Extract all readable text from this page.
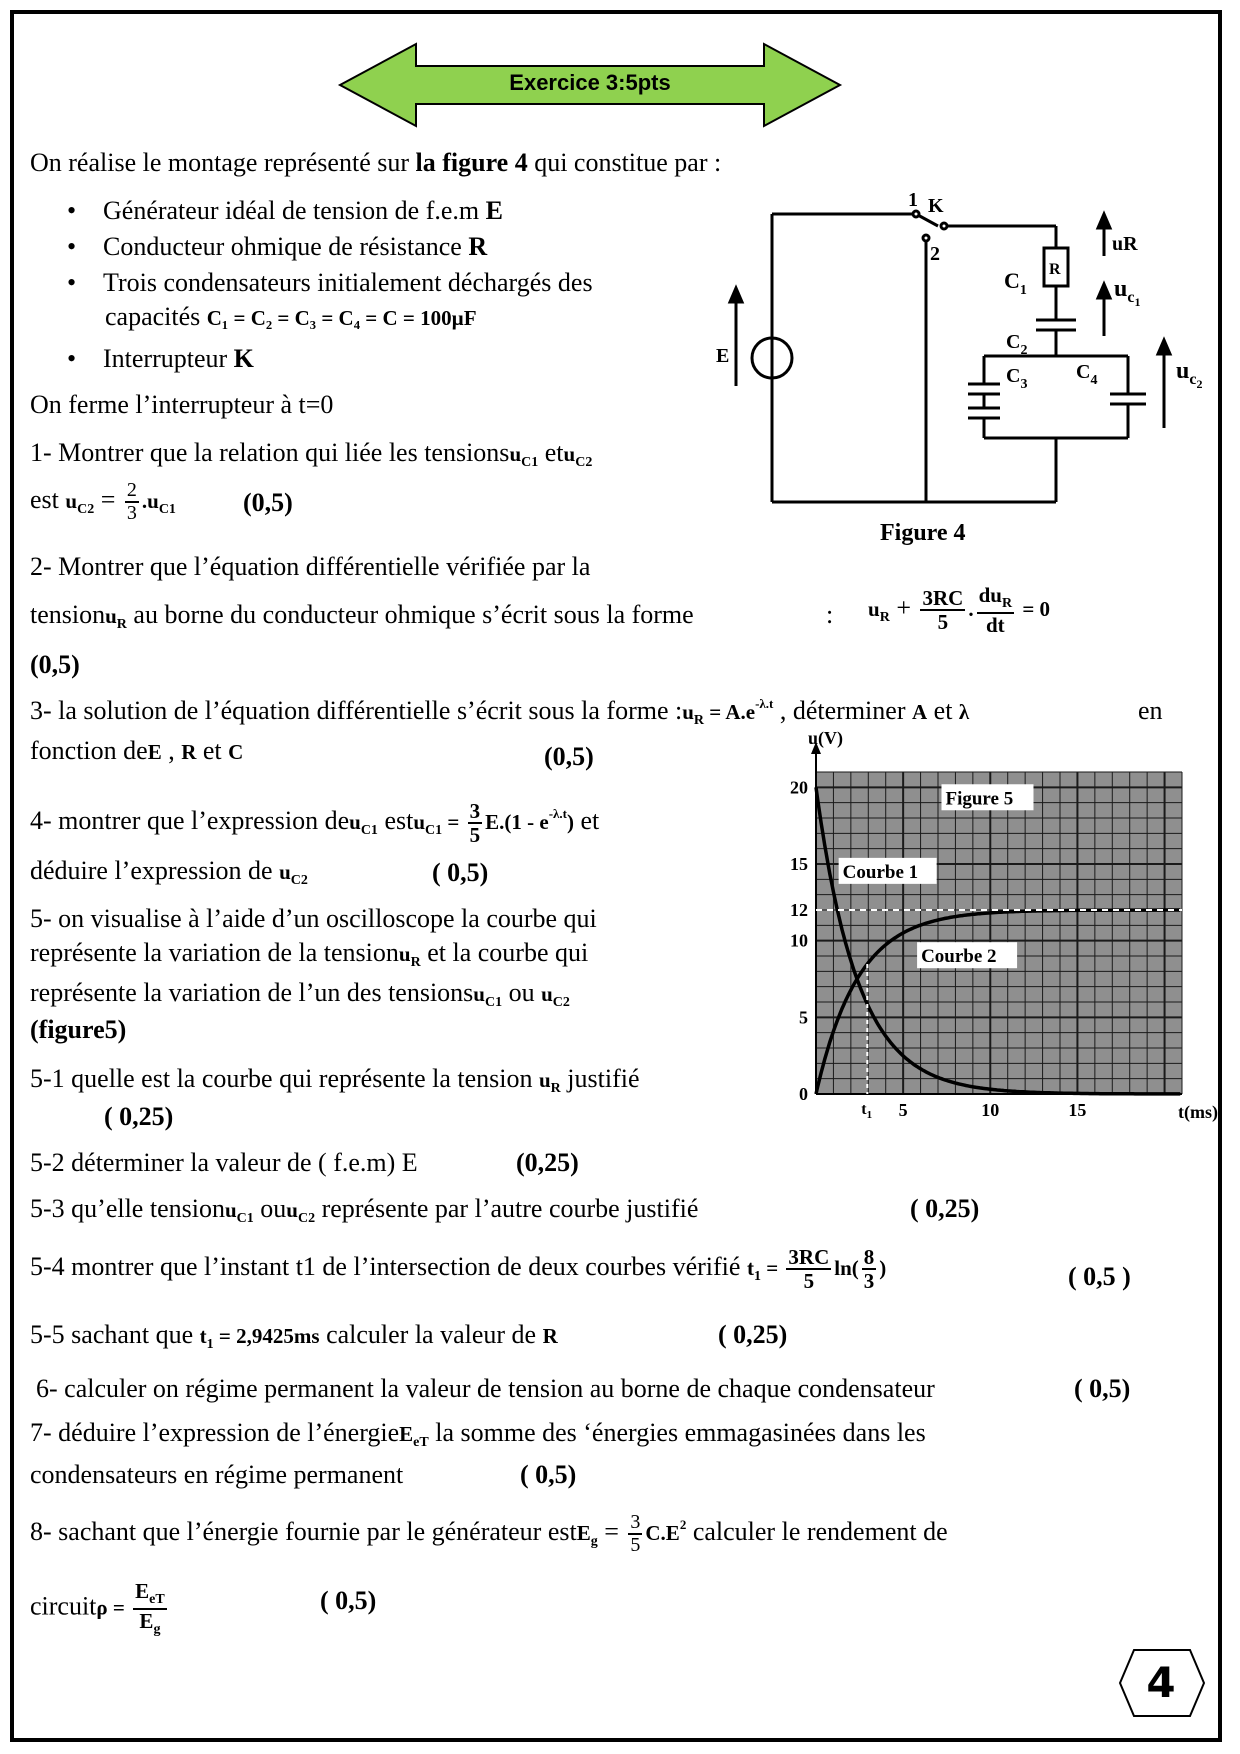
Exercice 3:5pts
On réalise le montage représenté sur la figure 4 qui constitue par :
• Générateur idéal de tension de f.e.m E
• Conducteur ohmique de résistance R
• Trois condensateurs initialement déchargés des
capacités C₁ = C₂ = C₃ = C₄ = C = 100µF
• Interrupteur K
On ferme l’interrupteur à t=0
1- Montrer que la relation qui liée les tensionsu$_{C1}$ etu$_{C2}$
est $u_{C2} = \frac{2}{3} .u_{C1}$	(0,5)
2- Montrer que l’équation différentielle vérifiée par la
tensionu$_R$ au borne du conducteur ohmique s’écrit sous la forme	: $u_R + \frac{3RC}{5}$ . $\frac{du_R}{dt} = 0$
(0,5)
3- la solution de l’équation différentielle s’écrit sous la forme $:u_R = A.e^{-\lambda.t}$ , déterminer A et λ	en
fonction deE , R et C	(0,5)
4- montrer que l’expression deu$_{C1}$ estu$_{C1}$ = $\frac{3}{5} E.(1 - e^{-\lambda.t})$ et
déduire l’expression de $u_{C2}$	( 0,5)
5- on visualise à l’aide d’un oscilloscope la courbe qui
représente la variation de la tensionu$_R$ et la courbe qui
représente la variation de l’un des tensionsu$_{C1}$ ou $u_{C2}$
(figure5)
5-1 quelle est la courbe qui représente la tension $u_R$ justifié
( 0,25)
5-2 déterminer la valeur de ( f.e.m) E	(0,25)
5-3 qu’elle tensionu$_{C1}$ ouu$_{C2}$ représente par l’autre courbe justifié	( 0,25)
5-4 montrer que l’instant t1 de l’intersection de deux courbes vérifié $t_1 = \frac{3RC}{5} \ln( \frac{8}{3}$ )	( 0,5 )
5-5 sachant que $t_1 = 2,9425ms$ calculer la valeur de R	( 0,25)
6- calculer on régime permanent la valeur de tension au borne de chaque condensateur	( 0,5)
7- déduire l’expression de l’énergieE$_{eT}$ la somme des ‘énergies emmagasinées dans les
condensateurs en régime permanent	( 0,5)
8- sachant que l’énergie fournie par le générateur estE$_g$ = $\frac{3}{5} C.E^2$ calculer le rendement de
circuitρ = $\frac{E_{eT}}{E_g}$	( 0,5)
1 K
2
E
R
uR
$C_1$	$u_c1$
$C_2$
$C_3$
$C_4$	$u_c2$
Figure 4
0
5
10
12
15
20
5	10	15
u(V)
t(ms)
$t_1$
Figure 5
Courbe 1
Courbe 2
4
